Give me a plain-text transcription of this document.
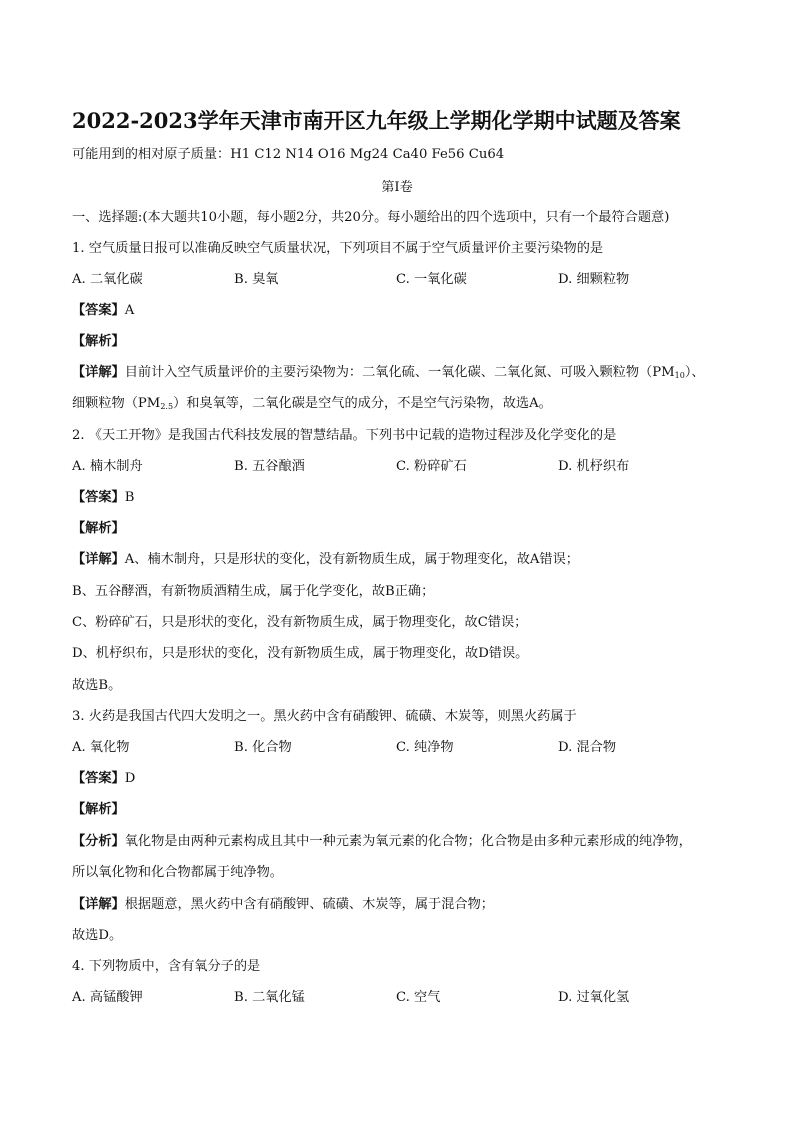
2022-2023学年天津市南开区九年级上学期化学期中试题及答案
可能用到的相对原子质量：H1 C12 N14 O16 Mg24 Ca40 Fe56 Cu64
第Ⅰ卷
一、选择题:(本大题共10小题，每小题2分，共20分。每小题给出的四个选项中，只有一个最符合题意)
1. 空气质量日报可以准确反映空气质量状况，下列项目不属于空气质量评价主要污染物的是
A. 二氧化碳	B. 臭氧	C. 一氧化碳	D. 细颗粒物
【答案】A
【解析】
【详解】目前计入空气质量评价的主要污染物为：二氧化硫、一氧化碳、二氧化氮、可吸入颗粒物$(PM_{10})$、
细颗粒物$(PM_{2.5})$和臭氧等，二氧化碳是空气的成分，不是空气污染物，故选A。
2. 《天工开物》是我国古代科技发展的智慧结晶。下列书中记载的造物过程涉及化学变化的是
A. 楠木制舟	B. 五谷酿酒	C. 粉碎矿石	D. 机杼织布
【答案】B
【解析】
【详解】A、楠木制舟，只是形状的变化，没有新物质生成，属于物理变化，故A错误；
B、五谷酵酒，有新物质酒精生成，属于化学变化，故B正确；
C、粉碎矿石，只是形状的变化，没有新物质生成，属于物理变化，故C错误；
D、机杼织布，只是形状的变化，没有新物质生成，属于物理变化，故D错误。
故选B。
3. 火药是我国古代四大发明之一。黑火药中含有硝酸钾、硫磺、木炭等，则黑火药属于
A. 氧化物	B. 化合物	C. 纯净物	D. 混合物
【答案】D
【解析】
【分析】氧化物是由两种元素构成且其中一种元素为氧元素的化合物；化合物是由多种元素形成的纯净物，
所以氧化物和化合物都属于纯净物。
【详解】根据题意，黑火药中含有硝酸钾、硫磺、木炭等，属于混合物；
故选D。
4. 下列物质中，含有氧分子的是
A. 高锰酸钾	B. 二氧化锰	C. 空气	D. 过氧化氢
